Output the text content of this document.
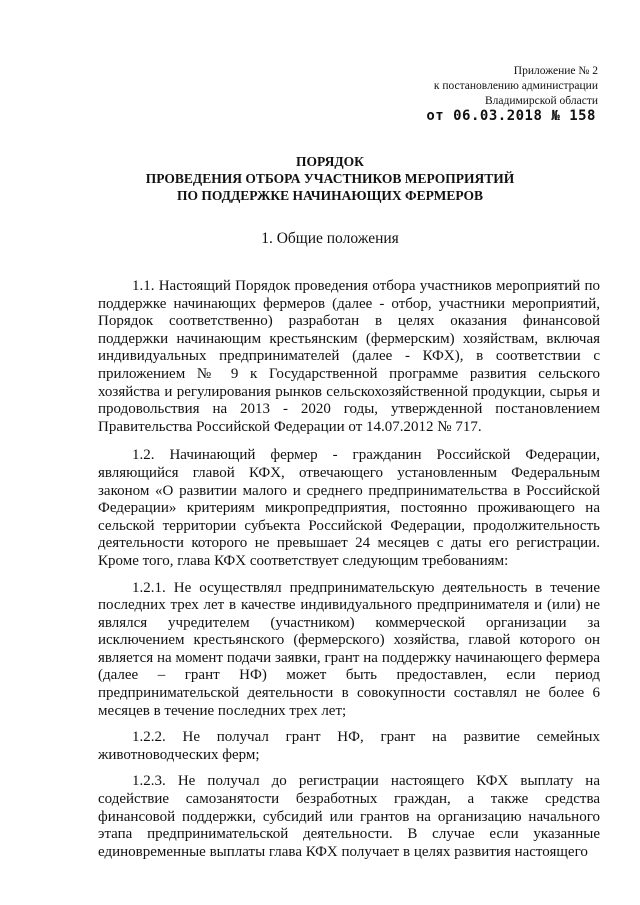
Приложение № 2
к постановлению администрации
Владимирской области
от 06.03.2018 № 158
ПОРЯДОК
ПРОВЕДЕНИЯ ОТБОРА УЧАСТНИКОВ МЕРОПРИЯТИЙ
ПО ПОДДЕРЖКЕ НАЧИНАЮЩИХ ФЕРМЕРОВ
1. Общие положения

1.1. Настоящий Порядок проведения отбора участников мероприятий по поддержке начинающих фермеров (далее - отбор, участники мероприятий, Порядок соответственно) разработан в целях оказания финансовой поддержки начинающим крестьянским (фермерским) хозяйствам, включая индивидуальных предпринимателей (далее - КФХ), в соответствии с приложением № 9 к Государственной программе развития сельского хозяйства и регулирования рынков сельскохозяйственной продукции, сырья и продовольствия на 2013 - 2020 годы, утвержденной постановлением Правительства Российской Федерации от 14.07.2012 № 717.

1.2. Начинающий фермер - гражданин Российской Федерации, являющийся главой КФХ, отвечающего установленным Федеральным законом «О развитии малого и среднего предпринимательства в Российской Федерации» критериям микропредприятия, постоянно проживающего на сельской территории субъекта Российской Федерации, продолжительность деятельности которого не превышает 24 месяцев с даты его регистрации. Кроме того, глава КФХ соответствует следующим требованиям:

1.2.1. Не осуществлял предпринимательскую деятельность в течение последних трех лет в качестве индивидуального предпринимателя и (или) не являлся учредителем (участником) коммерческой организации за исключением крестьянского (фермерского) хозяйства, главой которого он является на момент подачи заявки, грант на поддержку начинающего фермера (далее – грант НФ) может быть предоставлен, если период предпринимательской деятельности в совокупности составлял не более 6 месяцев в течение последних трех лет;

1.2.2. Не получал грант НФ, грант на развитие семейных животноводческих ферм;

1.2.3. Не получал до регистрации настоящего КФХ выплату на содействие самозанятости безработных граждан, а также средства финансовой поддержки, субсидий или грантов на организацию начального этапа предпринимательской деятельности. В случае если указанные единовременные выплаты глава КФХ получает в целях развития настоящего
